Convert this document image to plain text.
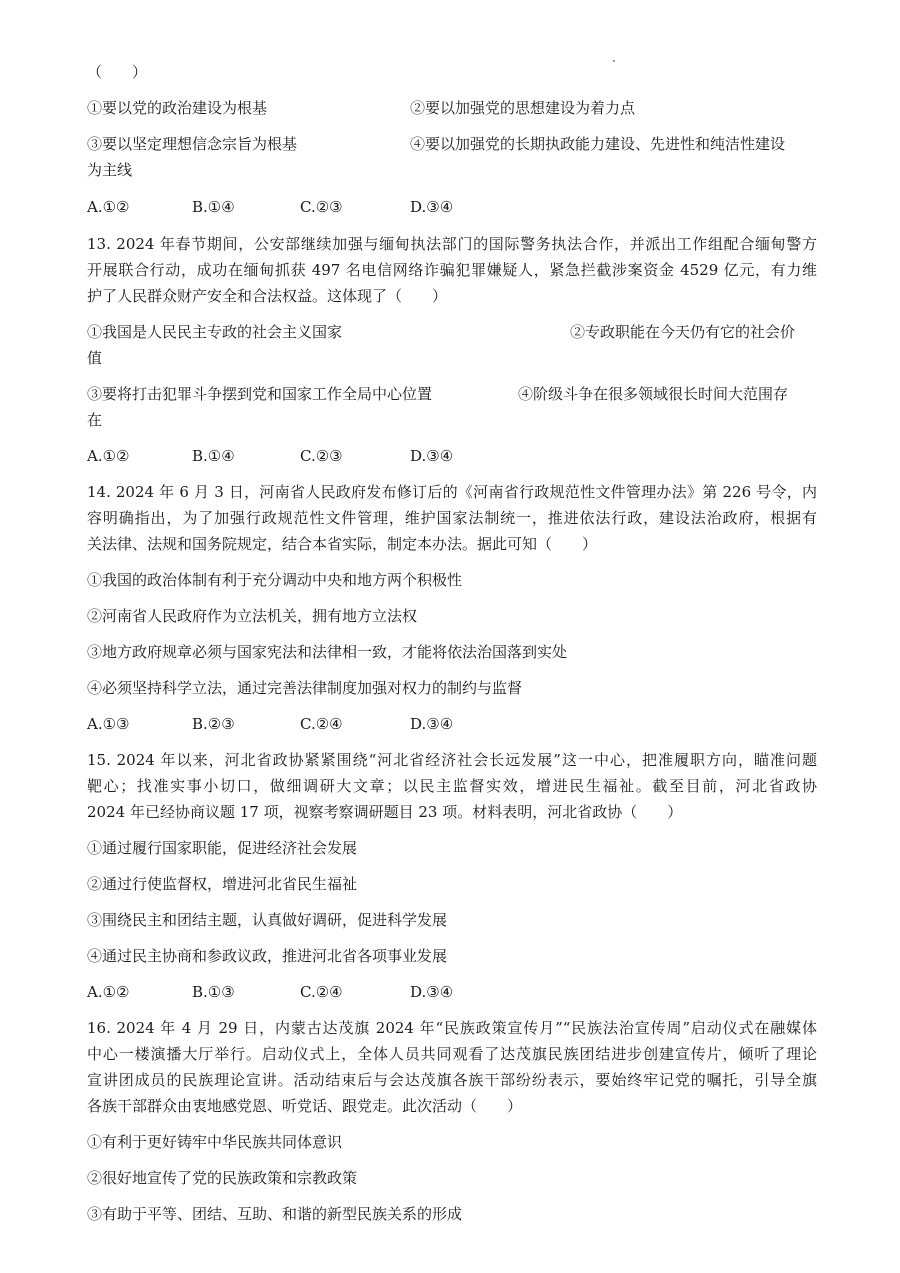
（　　）
①要以党的政治建设为根基	②要以加强党的思想建设为着力点
③要以坚定理想信念宗旨为根基	④要以加强党的长期执政能力建设、先进性和纯洁性建设
为主线
A.①②	B.①④	C.②③	D.③④
13. 2024 年春节期间，公安部继续加强与缅甸执法部门的国际警务执法合作，并派出工作组配合缅甸警方
开展联合行动，成功在缅甸抓获 497 名电信网络诈骗犯罪嫌疑人，紧急拦截涉案资金 4529 亿元，有力维
护了人民群众财产安全和合法权益。这体现了（　　）
①我国是人民民主专政的社会主义国家	②专政职能在今天仍有它的社会价
值
③要将打击犯罪斗争摆到党和国家工作全局中心位置	④阶级斗争在很多领域很长时间大范围存
在
A.①②	B.①④	C.②③	D.③④
14. 2024 年 6 月 3 日，河南省人民政府发布修订后的《河南省行政规范性文件管理办法》第 226 号令，内
容明确指出，为了加强行政规范性文件管理，维护国家法制统一，推进依法行政，建设法治政府，根据有
关法律、法规和国务院规定，结合本省实际，制定本办法。据此可知（　　）
①我国的政治体制有利于充分调动中央和地方两个积极性
②河南省人民政府作为立法机关，拥有地方立法权
③地方政府规章必须与国家宪法和法律相一致，才能将依法治国落到实处
④必须坚持科学立法，通过完善法律制度加强对权力的制约与监督
A.①③	B.②③	C.②④	D.③④
15. 2024 年以来，河北省政协紧紧围绕“河北省经济社会长远发展”这一中心，把准履职方向，瞄准问题
靶心；找准实事小切口，做细调研大文章；以民主监督实效，增进民生福祉。截至目前，河北省政协
2024 年已经协商议题 17 项，视察考察调研题目 23 项。材料表明，河北省政协（　　）
①通过履行国家职能，促进经济社会发展
②通过行使监督权，增进河北省民生福祉
③围绕民主和团结主题，认真做好调研，促进科学发展
④通过民主协商和参政议政，推进河北省各项事业发展
A.①②	B.①③	C.②④	D.③④
16. 2024 年 4 月 29 日，内蒙古达茂旗 2024 年“民族政策宣传月”“民族法治宣传周”启动仪式在融媒体
中心一楼演播大厅举行。启动仪式上，全体人员共同观看了达茂旗民族团结进步创建宣传片，倾听了理论
宣讲团成员的民族理论宣讲。活动结束后与会达茂旗各族干部纷纷表示，要始终牢记党的嘱托，引导全旗
各族干部群众由衷地感党恩、听党话、跟党走。此次活动（　　）
①有利于更好铸牢中华民族共同体意识
②很好地宣传了党的民族政策和宗教政策
③有助于平等、团结、互助、和谐的新型民族关系的形成
